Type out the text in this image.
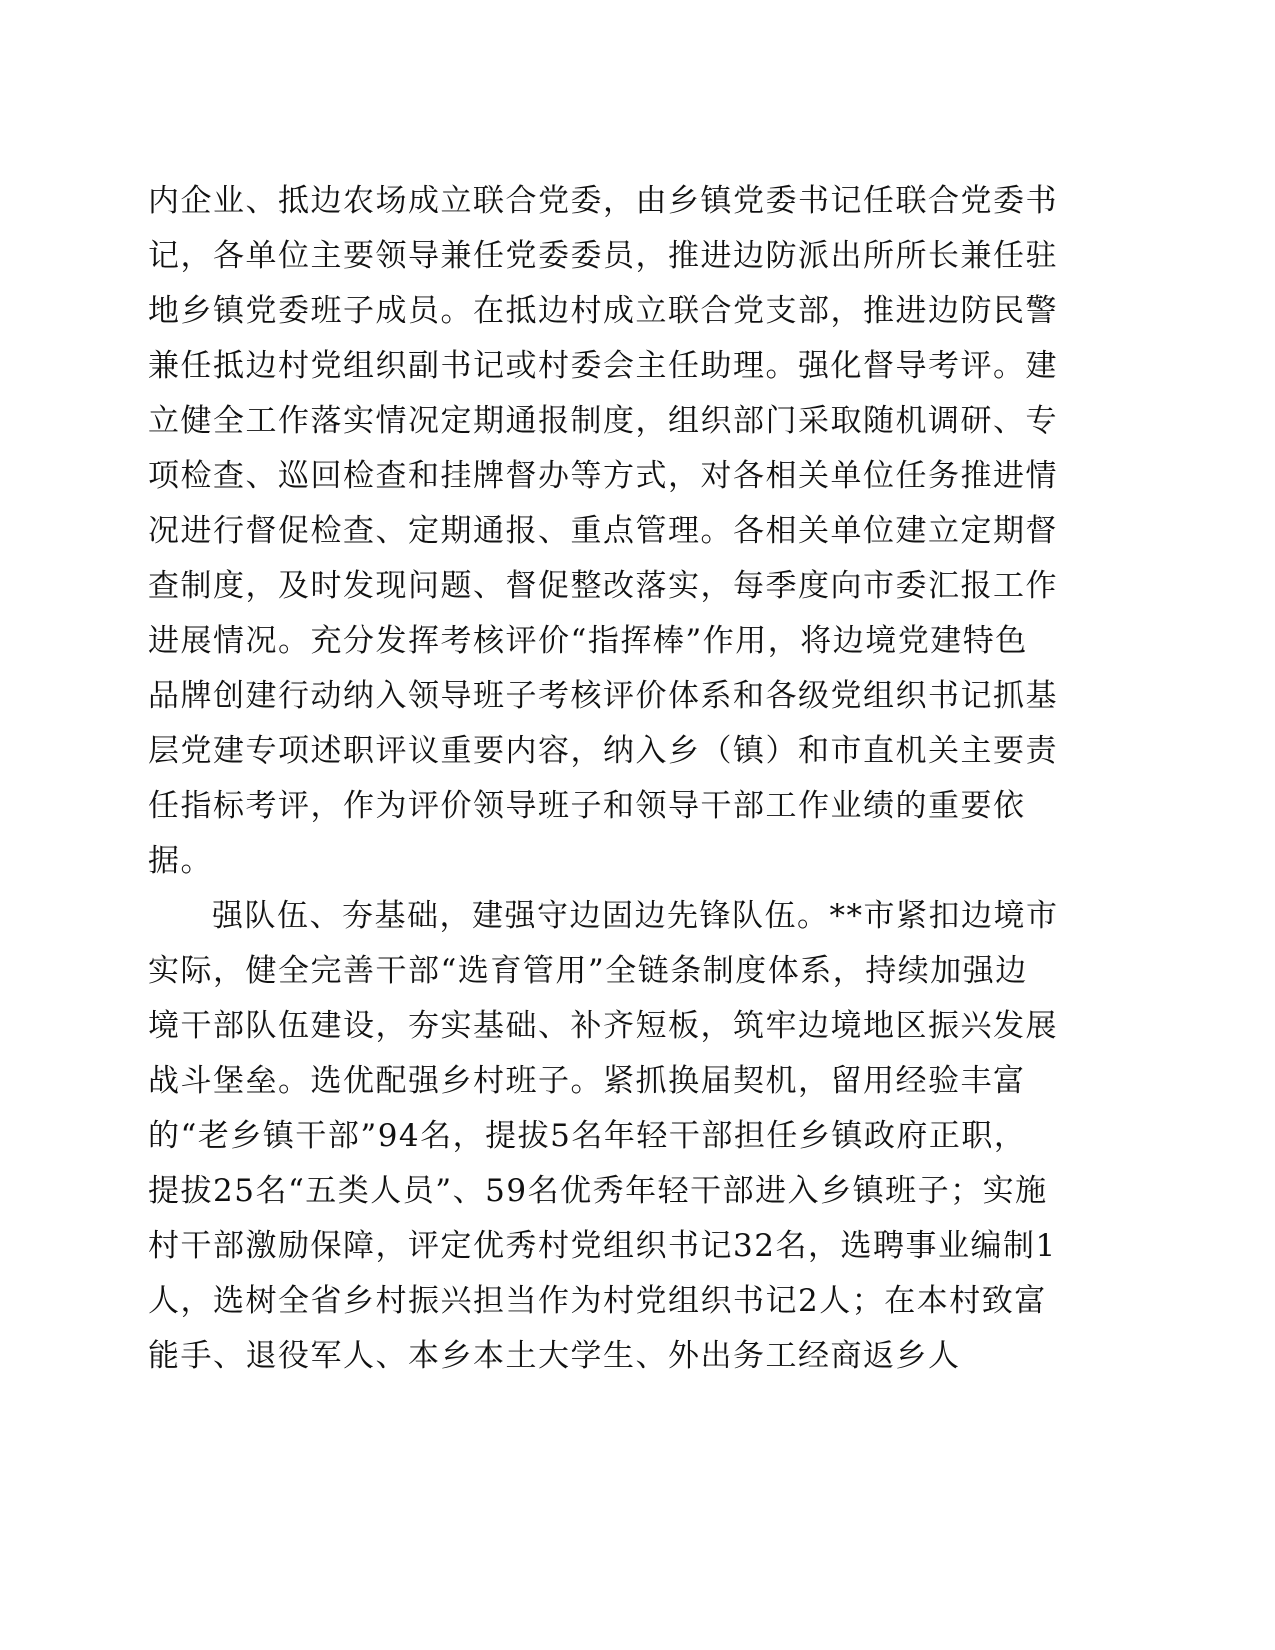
内企业、抵边农场成立联合党委，由乡镇党委书记任联合党委书
记，各单位主要领导兼任党委委员，推进边防派出所所长兼任驻
地乡镇党委班子成员。在抵边村成立联合党支部，推进边防民警
兼任抵边村党组织副书记或村委会主任助理。强化督导考评。建
立健全工作落实情况定期通报制度，组织部门采取随机调研、专
项检查、巡回检查和挂牌督办等方式，对各相关单位任务推进情
况进行督促检查、定期通报、重点管理。各相关单位建立定期督
查制度，及时发现问题、督促整改落实，每季度向市委汇报工作
进展情况。充分发挥考核评价“指挥棒”作用，将边境党建特色
品牌创建行动纳入领导班子考核评价体系和各级党组织书记抓基
层党建专项述职评议重要内容，纳入乡（镇）和市直机关主要责
任指标考评，作为评价领导班子和领导干部工作业绩的重要依
据。
强队伍、夯基础，建强守边固边先锋队伍。**市紧扣边境市
实际，健全完善干部“选育管用”全链条制度体系，持续加强边
境干部队伍建设，夯实基础、补齐短板，筑牢边境地区振兴发展
战斗堡垒。选优配强乡村班子。紧抓换届契机，留用经验丰富
的“老乡镇干部”94名，提拔5名年轻干部担任乡镇政府正职，
提拔25名“五类人员”、59名优秀年轻干部进入乡镇班子；实施
村干部激励保障，评定优秀村党组织书记32名，选聘事业编制1
人，选树全省乡村振兴担当作为村党组织书记2人；在本村致富
能手、退役军人、本乡本土大学生、外出务工经商返乡人
